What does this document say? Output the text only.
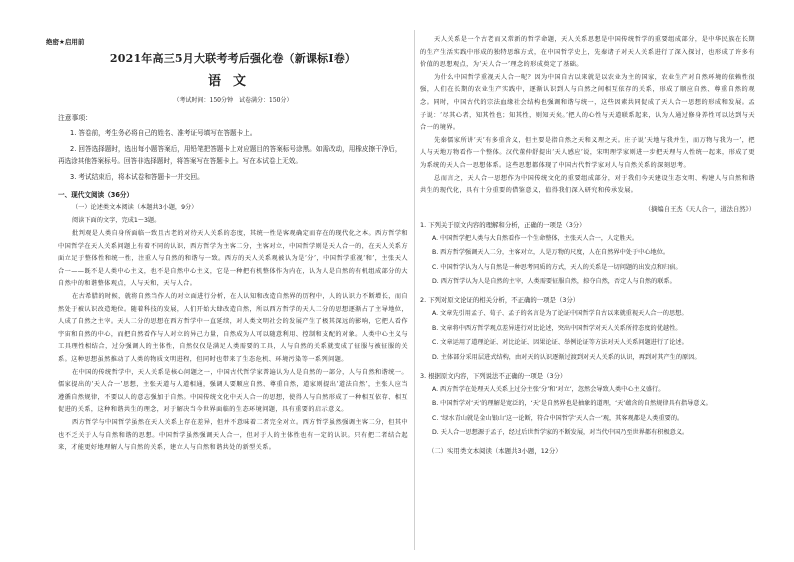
绝密★启用前
2021年高三5月大联考考后强化卷（新课标Ⅰ卷）
语文
（考试时间：150分钟　试卷满分：150分）
注意事项：

1. 答卷前，考生务必将自己的姓名、准考证号填写在答题卡上。

2. 回答选择题时，选出每小题答案后，用铅笔把答题卡上对应题目的答案标号涂黑。如需改动，用橡皮擦干净后，再选涂其他答案标号。回答非选择题时，将答案写在答题卡上。写在本试卷上无效。

3. 考试结束后，将本试卷和答题卡一并交回。

一、现代文阅读（36分）
（一）论述类文本阅读（本题共3小题，9分）
阅读下面的文字，完成1～3题。

批判观是人类自身所面临一致且古老的对待天人关系的态度，其统一性是客观确定而存在的现代化之本。西方哲学和中国哲学在天人关系问题上有着不同的认识，西方哲学为主客二分，主客对立，中国哲学则是天人合一的，在天人关系方面立足于整体性和统一性，注重人与自然的和谐与一致。西方的天人关系观被认为是‘分’，中国哲学重视‘和’，主张天人合一——既不是人类中心主义，也不是自然中心主义，它是一种把有机整体作为内在，认为人是自然的有机组成部分的大自然中的和谐整体观点，人与天和，天与人合。

在古希腊的时候，就将自然当作人的对立面进行分析，在人认知和改造自然界的历程中，人的认识力不断增长，而自然处于被认识改造地位。随着科技的发展，人们开始大肆改造自然，所以西方哲学的天人二分的思想逐渐占了主导地位，人成了自然之主宰。天人二分的思想在西方哲学中一直延续，对人类文明社会的发展产生了极其深远的影响，它把人看作宇宙和自然的中心，而把自然看作与人对立的异己力量，自然成为人可以随意利用、控制和支配的对象。人类中心主义与工具理性相结合，过分强调人的主体性，自然仅仅是满足人类需要的工具，人与自然的关系就变成了征服与被征服的关系。这种思想虽然推动了人类的物质文明进程，但同时也带来了生态危机、环境污染等一系列问题。

在中国的传统哲学中，天人关系是核心问题之一，中国古代哲学家普遍认为人是自然的一部分，人与自然和谐统一。儒家提出的‘天人合一’思想，主张天道与人道相通，强调人要顺应自然、尊重自然，道家则提出‘道法自然’，主张人应当遵循自然规律，不要以人的意志强加于自然。中国传统文化中天人合一的思想，使得人与自然形成了一种相互依存、相互促进的关系，这种和谐共生的理念，对于解决当今世界面临的生态环境问题，具有重要的启示意义。

西方哲学与中国哲学虽然在天人关系上存在差异，但并不意味着二者完全对立。西方哲学虽然强调主客二分，但其中也不乏关于人与自然和谐的思想。中国哲学虽然强调天人合一，但对于人的主体性也有一定的认识。只有把二者结合起来，才能更好地理解人与自然的关系，建立人与自然和谐共处的新型关系。

天人关系是一个古老而又常新的哲学命题，天人关系思想是中国传统哲学的重要组成部分，是中华民族在长期的生产生活实践中形成的独特思维方式，在中国哲学史上，先秦诸子对天人关系进行了深入探讨，也形成了许多有价值的思想观点，为‘天人合一’理念的形成奠定了基础。

为什么中国哲学重视天人合一呢？因为中国自古以来就是以农业为主的国家，农业生产对自然环境的依赖性很强，人们在长期的农业生产实践中，逐渐认识到人与自然之间相互依存的关系，形成了顺应自然、尊重自然的观念。同时，中国古代的宗法血缘社会结构也强调和谐与统一，这些因素共同促成了天人合一思想的形成和发展。孟子说：‘尽其心者，知其性也；知其性，则知天矣。’把人的心性与天道联系起来，认为人通过修身养性可以达到与天合一的境界。

先秦儒家所讲‘天’有多重含义，但主要是指自然之天和义理之天。庄子说‘天地与我并生，而万物与我为一’，把人与天地万物看作一个整体。汉代董仲舒提出‘天人感应’说，宋明理学家则进一步把天理与人性统一起来，形成了更为系统的天人合一思想体系。这些思想都体现了中国古代哲学家对人与自然关系的深刻思考。

总而言之，天人合一思想作为中国传统文化的重要组成部分，对于我们今天建设生态文明、构建人与自然和谐共生的现代化，具有十分重要的借鉴意义，值得我们深入研究和传承发展。

（摘编自王杰《天人合一，道法自然》）
1. 下列关于原文内容的理解和分析，正确的一项是（3分）
A. 中国哲学把人类与大自然看作一个生命整体，主张天人合一，人定胜天。
B. 西方哲学强调天人二分，主客对立，人是万物的尺度，人在自然界中处于中心地位。
C. 中国哲学认为人与自然是一种思考同质的方式，天人的关系是一切问题的出发点和归宿。
D. 西方哲学认为人是自然的主宰，人类需要征服自然，掠夺自然，否定人与自然的联系。
2. 下列对原文论证的相关分析，不正确的一项是（3分）
A. 文章先引用孟子、荀子、孟子的名言是为了论证中国哲学自古以来就重视天人合一的思想。
B. 文章将中西方哲学观点差异进行对比论述，突出中国哲学对天人关系所持态度的优越性。
C. 文章运用了道理论证、对比论证、因果论证、举例论证等方法对天人关系问题进行了论述。
D. 主体部分采用层进式结构，由对天的认识逐渐过渡到对天人关系的认识，再到对其产生的原因。
3. 根据原文内容，下列说法不正确的一项是（3分）
A. 西方哲学在处理天人关系上过分主张‘分’和‘对立’，忽然会导致人类中心主义盛行。
B. 中国哲学对‘天’的理解是宽泛的，‘天’是自然界也是抽象的道理，‘天’蕴含的自然规律具有指导意义。
C. ‘绿水青山就是金山银山’这一论断，符合中国哲学‘天人合一’观，其客观都是人类重要的。
D. 天人合一思想源于孟子，经过后世哲学家的不断发展，对当代中国乃至世界都有积极意义。
（二）实用类文本阅读（本题共3小题，12分）
